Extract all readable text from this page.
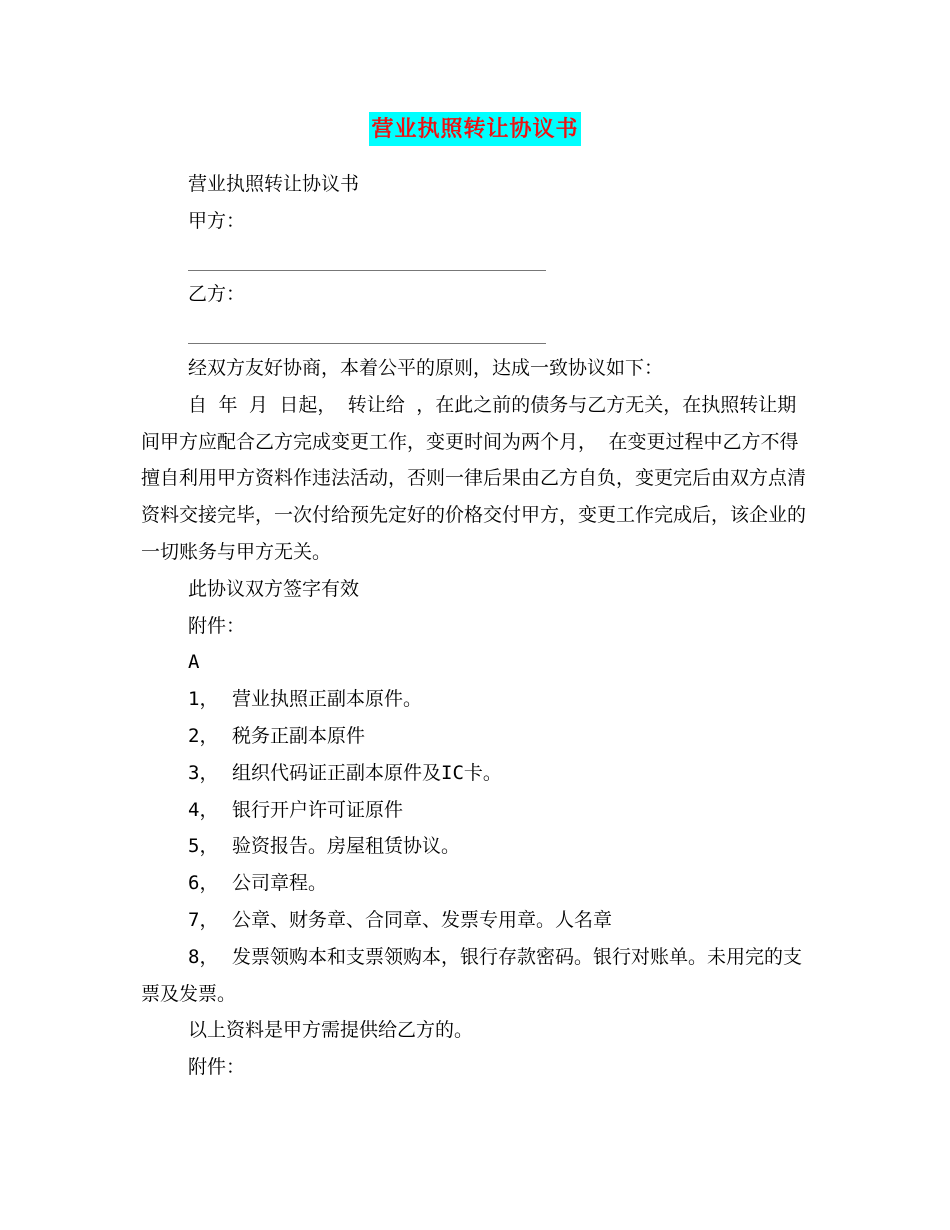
营业执照转让协议书

营业执照转让协议书

甲方：

乙方：

经双方友好协商，本着公平的原则，达成一致协议如下：

自 年 月 日起， 转让给 ，在此之前的债务与乙方无关，在执照转让期间甲方应配合乙方完成变更工作，变更时间为两个月， 在变更过程中乙方不得擅自利用甲方资料作违法活动，否则一律后果由乙方自负，变更完后由双方点清资料交接完毕，一次付给预先定好的价格交付甲方，变更工作完成后，该企业的一切账务与甲方无关。

此协议双方签字有效

附件：

A

1， 营业执照正副本原件。

2， 税务正副本原件

3， 组织代码证正副本原件及IC卡。

4， 银行开户许可证原件

5， 验资报告。房屋租赁协议。

6， 公司章程。

7， 公章、财务章、合同章、发票专用章。人名章

8， 发票领购本和支票领购本，银行存款密码。银行对账单。未用完的支票及发票。

以上资料是甲方需提供给乙方的。

附件：
